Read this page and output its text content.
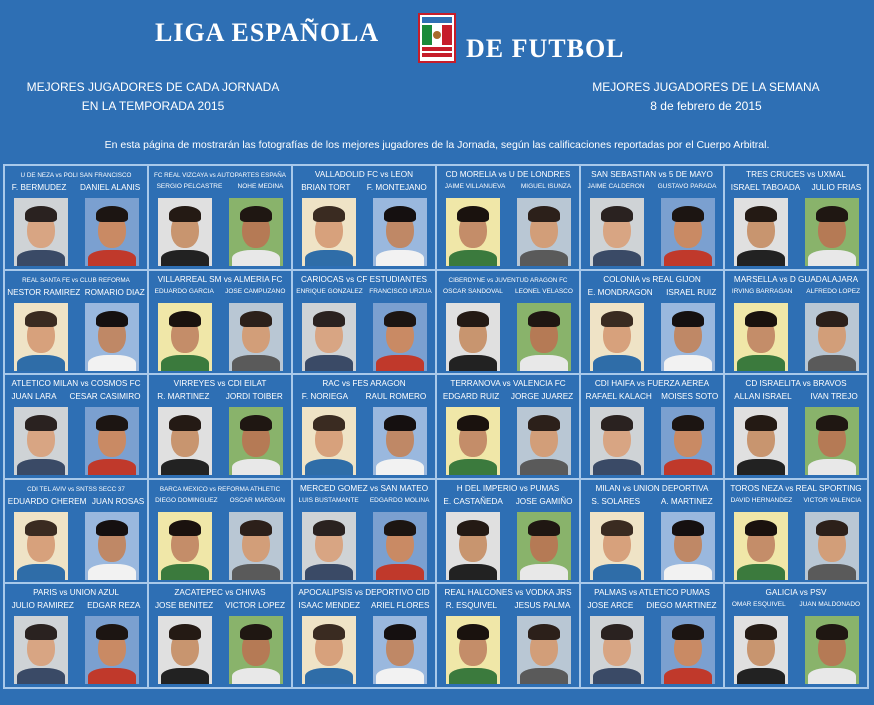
LIGA ESPAÑOLA
DE FUTBOL
MEJORES JUGADORES DE CADA JORNADA
EN LA TEMPORADA 2015
MEJORES JUGADORES DE LA SEMANA
8 de febrero de 2015
En esta página de mostrarán las fotografías de los mejores jugadores de la Jornada, según las calificaciones reportadas por el Cuerpo Arbitral.
U DE NEZA vs POLI SAN FRANCISCO
F. BERMUDEZ DANIEL ALANIS
FC REAL VIZCAYA vs AUTOPARTES ESPAÑA
SERGIO PELCASTRE NOHE MEDINA
VALLADOLID FC vs LEON
BRIAN TORT F. MONTEJANO
CD MORELIA vs U DE LONDRES
JAIME VILLANUEVA MIGUEL ISUNZA
SAN SEBASTIAN vs 5 DE MAYO
JAIME CALDERON GUSTAVO PARADA
TRES CRUCES vs UXMAL
ISRAEL TABOADA JULIO FRIAS
REAL SANTA FE vs CLUB REFORMA
NESTOR RAMIREZ ROMARIO DIAZ
VILLARREAL SM vs ALMERIA FC
EDUARDO GARCIA JOSE CAMPUZANO
CARIOCAS vs CF ESTUDIANTES
ENRIQUE GONZALEZ FRANCISCO URZUA
CIBERDYNE vs JUVENTUD ARAGON FC
OSCAR SANDOVAL LEONEL VELASCO
COLONIA vs REAL GIJON
E. MONDRAGON ISRAEL RUIZ
MARSELLA vs D GUADALAJARA
IRVING BARRAGAN ALFREDO LOPEZ
ATLETICO MILAN vs COSMOS FC
JUAN LARA CESAR CASIMIRO
VIRREYES vs CDI EILAT
R. MARTINEZ JORDI TOIBER
RAC vs FES ARAGON
F. NORIEGA RAUL ROMERO
TERRANOVA vs VALENCIA FC
EDGARD RUIZ JORGE JUAREZ
CDI HAIFA vs FUERZA AEREA
RAFAEL KALACH MOISES SOTO
CD ISRAELITA vs BRAVOS
ALLAN ISRAEL IVAN TREJO
CDI TEL AVIV vs SNTSS SECC 37
EDUARDO CHEREM JUAN ROSAS
BARCA MEXICO vs REFORMA ATHLETIC
DIEGO DOMINGUEZ OSCAR MARGAIN
MERCED GOMEZ vs SAN MATEO
LUIS BUSTAMANTE EDGARDO MOLINA
H DEL IMPERIO vs PUMAS
E. CASTAÑEDA JOSE GAMIÑO
MILAN vs UNION DEPORTIVA
S. SOLARES	A. MARTINEZ
TOROS NEZA vs REAL SPORTING
DAVID HERNANDEZ VICTOR VALENCIA
PARIS vs UNION AZUL
JULIO RAMIREZ EDGAR REZA
ZACATEPEC vs CHIVAS
JOSE BENITEZ VICTOR LOPEZ
APOCALIPSIS vs DEPORTIVO CID
ISAAC MENDEZ ARIEL FLORES
REAL HALCONES vs VODKA JRS
R. ESQUIVEL JESUS PALMA
PALMAS vs ATLETICO PUMAS
JOSE ARCE DIEGO MARTINEZ
GALICIA vs PSV
OMAR ESQUIVEL JUAN MALDONADO
